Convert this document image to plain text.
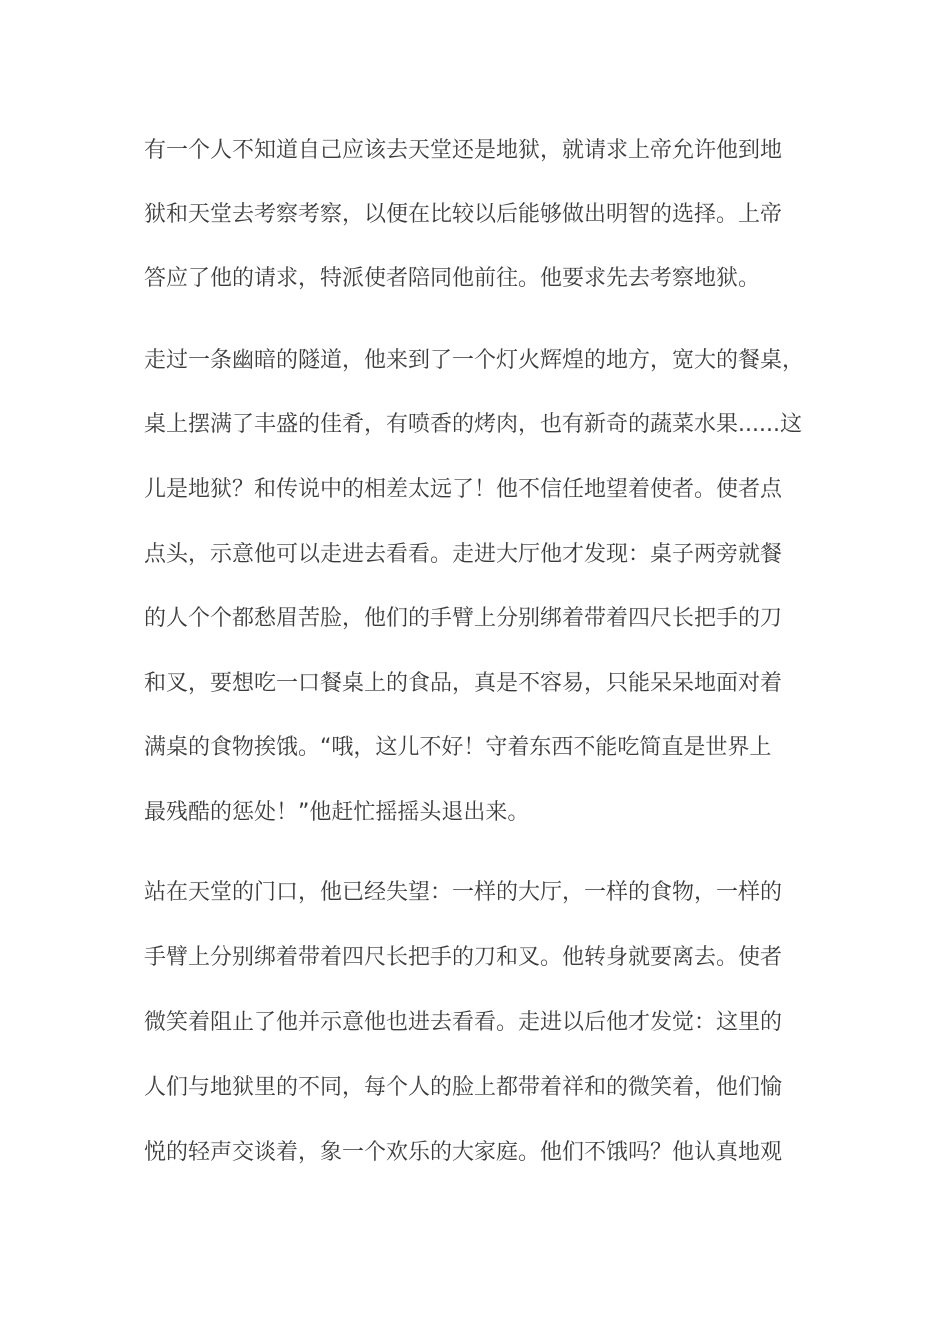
有一个人不知道自己应该去天堂还是地狱，就请求上帝允许他到地
狱和天堂去考察考察，以便在比较以后能够做出明智的选择。上帝
答应了他的请求，特派使者陪同他前往。他要求先去考察地狱。
走过一条幽暗的隧道，他来到了一个灯火辉煌的地方，宽大的餐桌，
桌上摆满了丰盛的佳肴，有喷香的烤肉，也有新奇的蔬菜水果......这
儿是地狱？和传说中的相差太远了！他不信任地望着使者。使者点
点头，示意他可以走进去看看。走进大厅他才发现：桌子两旁就餐
的人个个都愁眉苦脸，他们的手臂上分别绑着带着四尺长把手的刀
和叉，要想吃一口餐桌上的食品，真是不容易，只能呆呆地面对着
满桌的食物挨饿。“哦，这儿不好！守着东西不能吃简直是世界上
最残酷的惩处！”他赶忙摇摇头退出来。
站在天堂的门口，他已经失望：一样的大厅，一样的食物，一样的
手臂上分别绑着带着四尺长把手的刀和叉。他转身就要离去。使者
微笑着阻止了他并示意他也进去看看。走进以后他才发觉：这里的
人们与地狱里的不同，每个人的脸上都带着祥和的微笑着，他们愉
悦的轻声交谈着，象一个欢乐的大家庭。他们不饿吗？他认真地观
